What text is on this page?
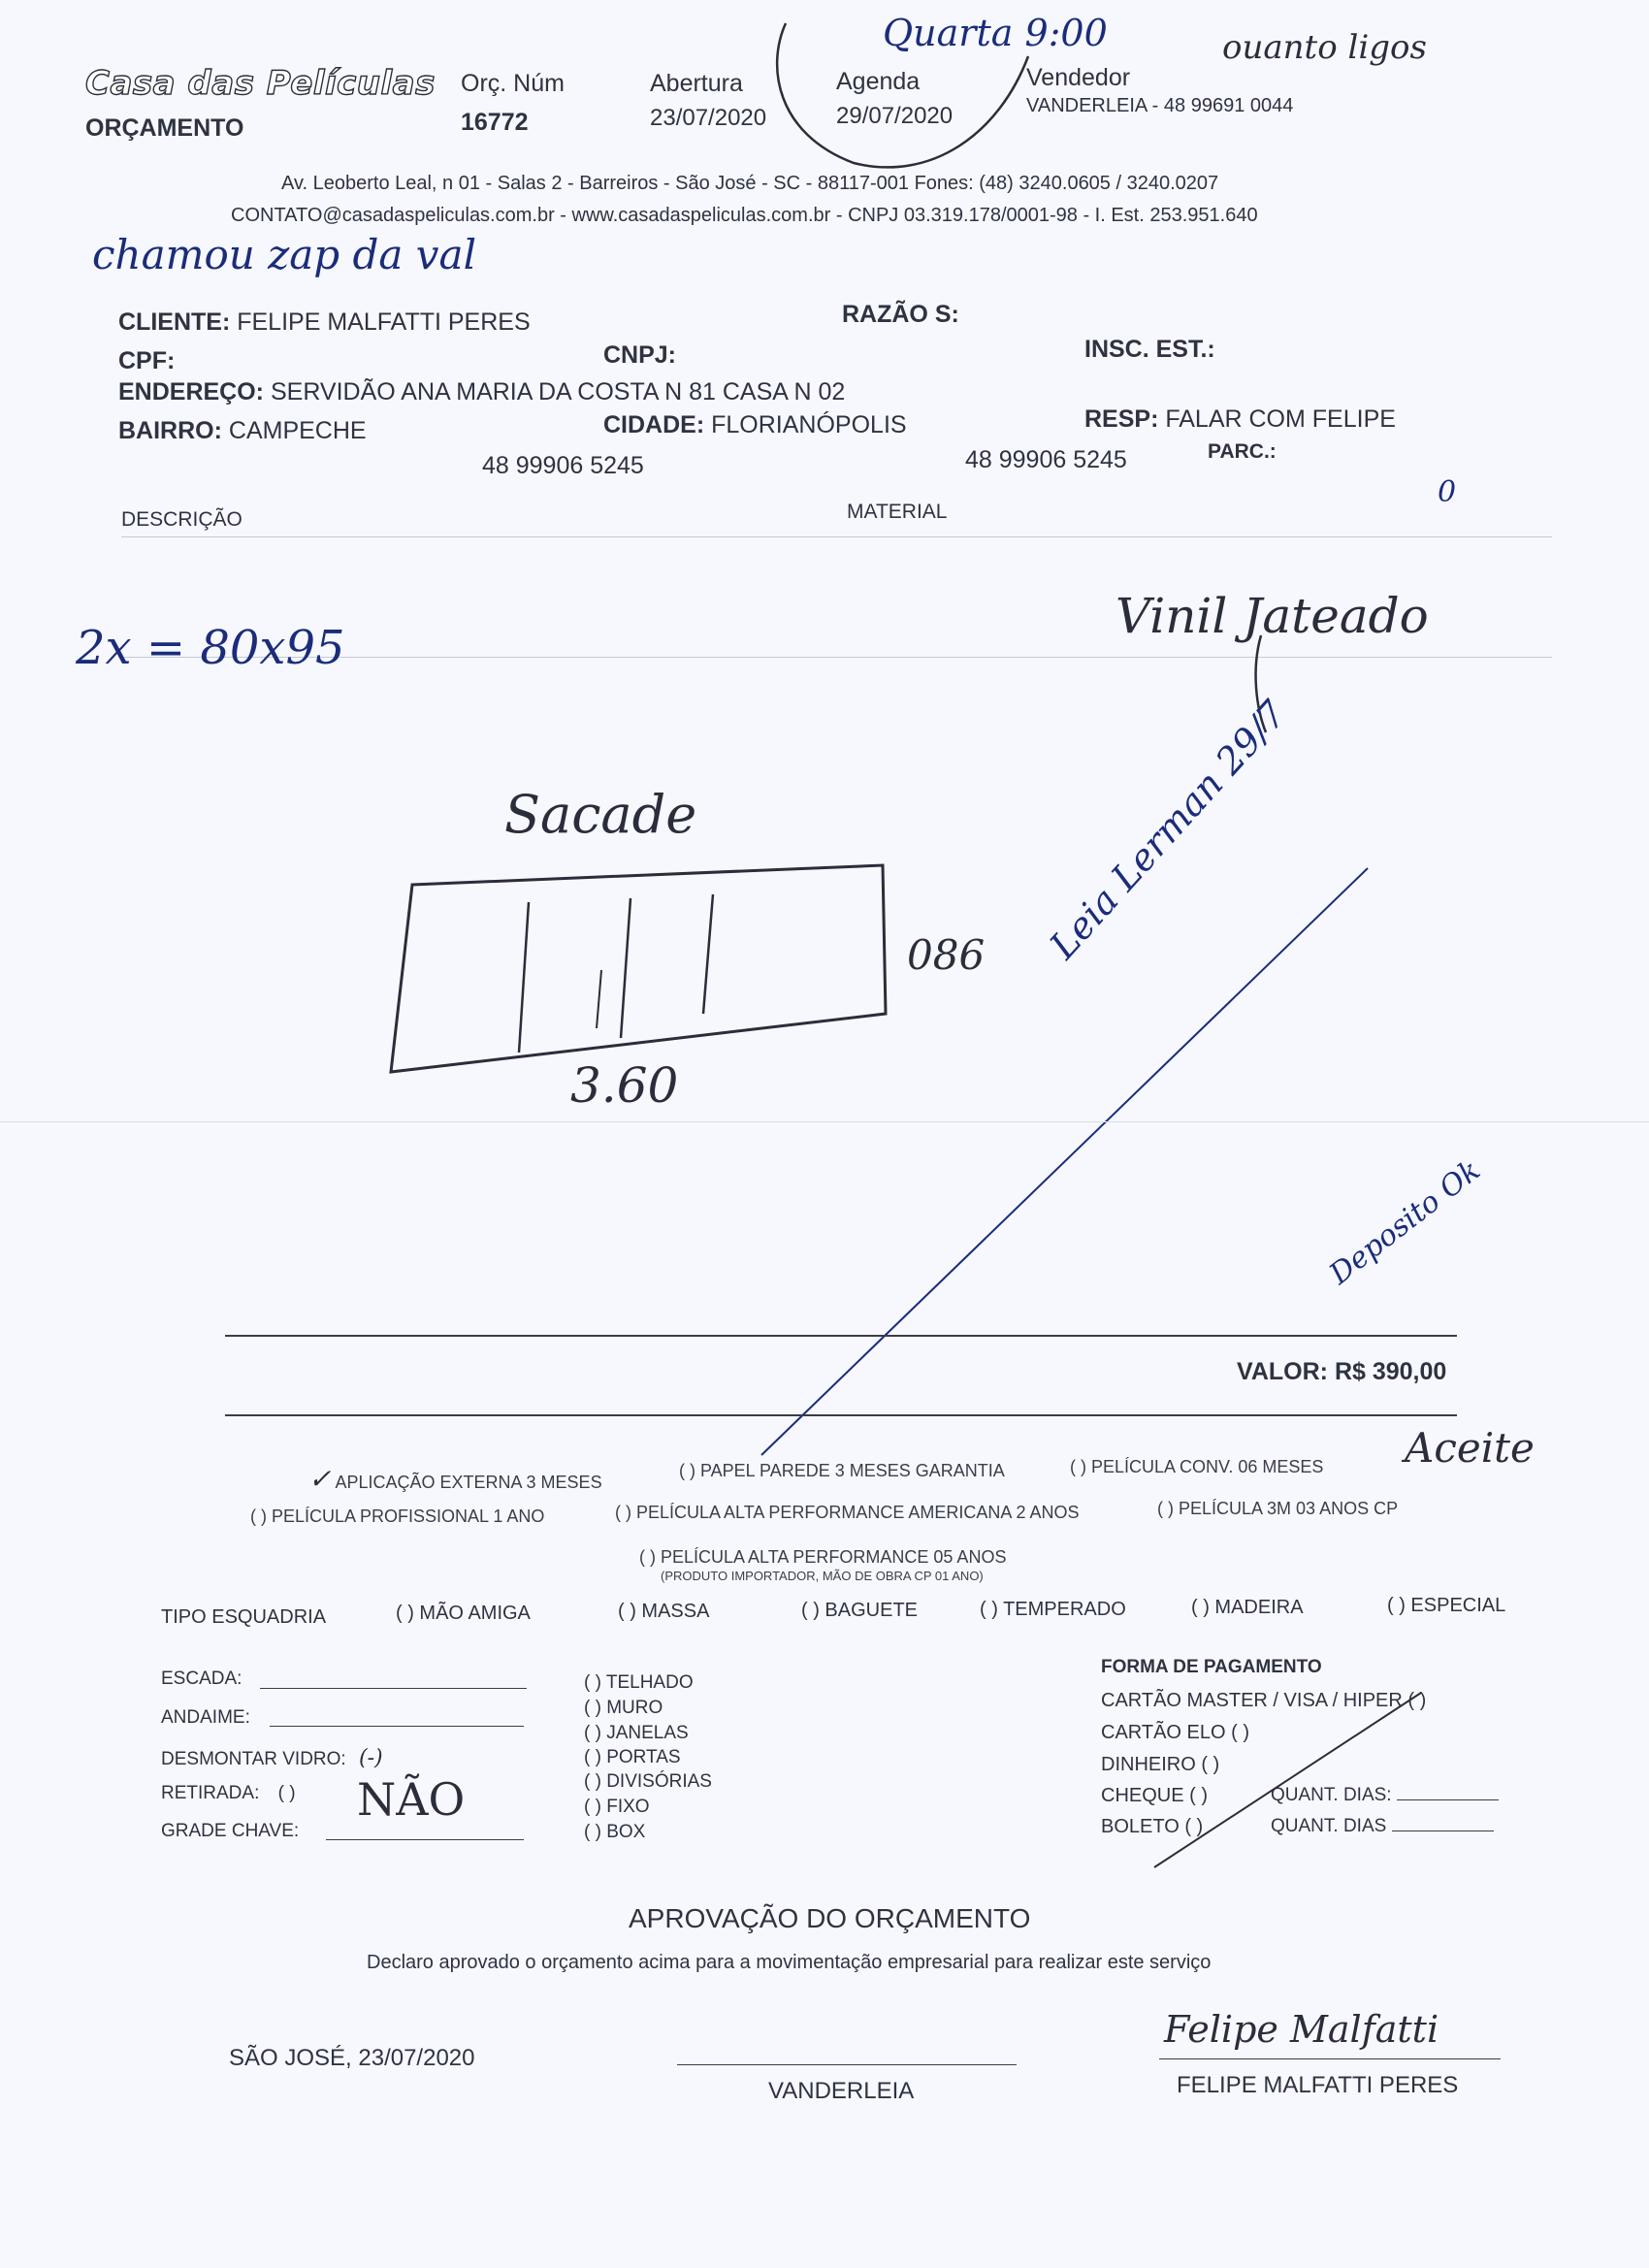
Casa das Películas
ORÇAMENTO
Orç. Núm
16772
Abertura
23/07/2020
Agenda
29/07/2020
Vendedor
VANDERLEIA - 48 99691 0044
Av. Leoberto Leal, n 01 - Salas 2 - Barreiros - São José - SC - 88117-001 Fones: (48) 3240.0605 / 3240.0207
CONTATO@casadaspeliculas.com.br - www.casadaspeliculas.com.br - CNPJ 03.319.178/0001-98 - I. Est. 253.951.640
Quarta 9:00	ouanto ligos
chamou zap da val
CLIENTE: FELIPE MALFATTI PERES	RAZÃO S:
CPF:	CNPJ:	INSC. EST.:
ENDEREÇO: SERVIDÃO ANA MARIA DA COSTA N 81 CASA N 02
BAIRRO: CAMPECHE	CIDADE: FLORIANÓPOLIS	RESP: FALAR COM FELIPE
48 99906 5245	48 99906 5245	PARC.:
DESCRIÇÃO	MATERIAL
0
2x = 80x95
Vinil Jateado
Sacade
3.60
086 Leia Lerman 29/7
Deposito Ok
VALOR: R$ 390,00
✓ APLICAÇÃO EXTERNA 3 MESES
( ) PAPEL PAREDE 3 MESES GARANTIA	( ) PELÍCULA CONV. 06 MESES Aceite
( ) PELÍCULA PROFISSIONAL 1 ANO	( ) PELÍCULA ALTA PERFORMANCE AMERICANA 2 ANOS	( ) PELÍCULA 3M 03 ANOS CP
( ) PELÍCULA ALTA PERFORMANCE 05 ANOS
(PRODUTO IMPORTADOR, MÃO DE OBRA CP 01 ANO)
TIPO ESQUADRIA	( ) MÃO AMIGA	( ) MASSA	( ) BAGUETE	( ) TEMPERADO	( ) MADEIRA	( ) ESPECIAL
ESCADA:
ANDAIME:
DESMONTAR VIDRO: (-)
RETIRADA: ( ) NÃO
GRADE CHAVE:
( ) TELHADO
( ) MURO
( ) JANELAS
( ) PORTAS
( ) DIVISÓRIAS
( ) FIXO
( ) BOX
FORMA DE PAGAMENTO
CARTÃO MASTER / VISA / HIPER ( )
CARTÃO ELO ( )
DINHEIRO ( )
CHEQUE ( )
BOLETO ( )
QUANT. DIAS:
QUANT. DIAS
APROVAÇÃO DO ORÇAMENTO
Declaro aprovado o orçamento acima para a movimentação empresarial para realizar este serviço
SÃO JOSÉ, 23/07/2020
VANDERLEIA
Felipe Malfatti
FELIPE MALFATTI PERES
